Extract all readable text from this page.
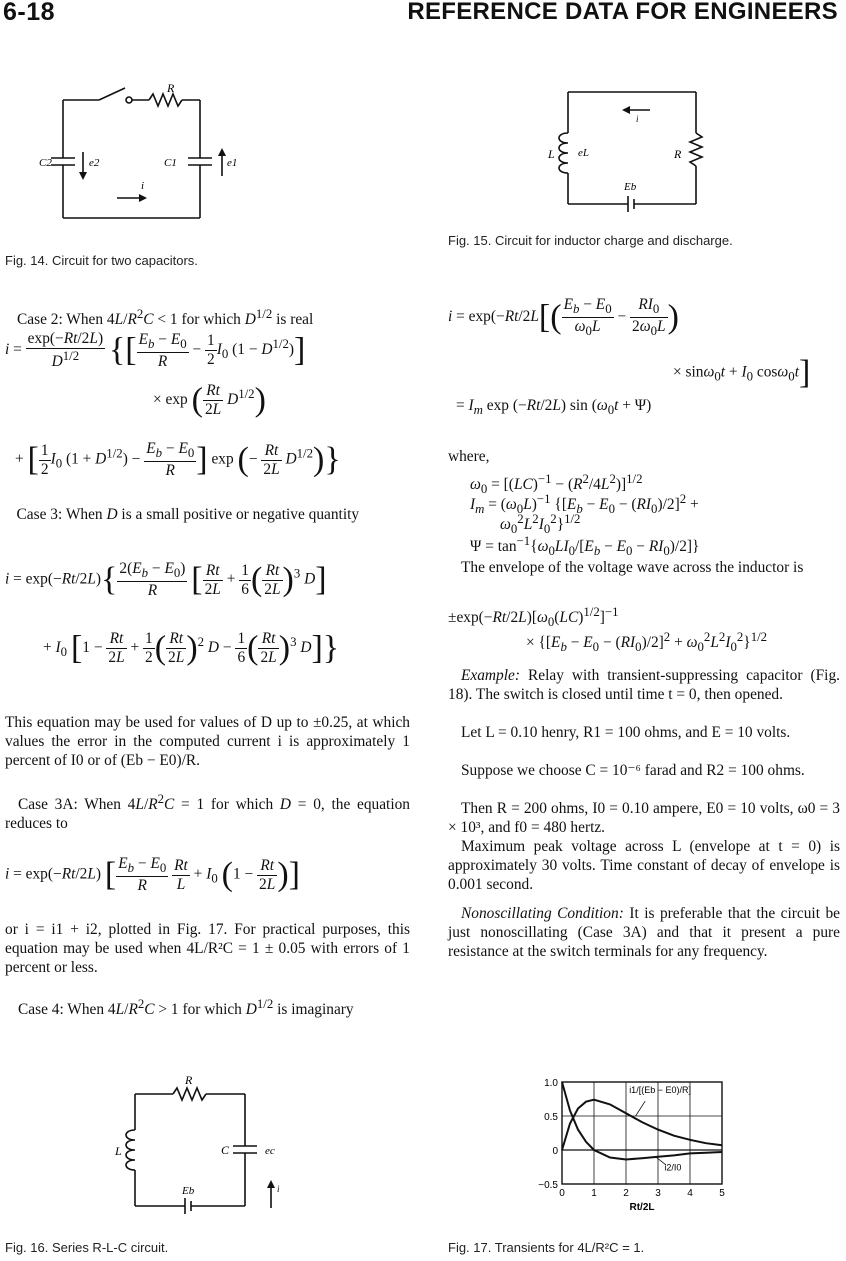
6-18	REFERENCE DATA FOR ENGINEERS
R
C2	e2	C1	e1
i
Fig. 14. Circuit for two capacitors.
Case 2: When $4L/R^2C < 1$ for which $D^{1/2}$ is real
$i = \frac{\exp(-Rt/2L)}{D^{1/2}}$ {[ $\frac{E_b - E_0}{R} - \frac{1}{2} I_0$ $(1 - D^{1/2})$]
× exp ( $\frac{Rt}{2L} D^{1/2}$)
+ [ $\frac{1}{2} I_0$ $(1 + D^{1/2}) - \frac{E_b - E_0}{R}$ ] exp (− $\frac{Rt}{2L} D^{1/2}$)}
Case 3: When D is a small positive or negative quantity
$i = \exp(-Rt/2L)\{ \frac{2(E_b - E_0)}{R}$ [ $\frac{Rt}{2L} + \frac{1}{6}$ ( $\frac{Rt}{2L} )^3$ D]
+ $I_0$ [$1 - \frac{Rt}{2L} + \frac{1}{2}$ ( $\frac{Rt}{2L} )^2$ $D - \frac{1}{6}$ ( $\frac{Rt}{2L} )^3$ D]}

This equation may be used for values of D up to ±0.25, at which values the error in the computed current i is approximately 1 percent of I0 or of (Eb − E0)/R.

Case 3A: When $4L/R^2C = 1$ for which D = 0, the equation reduces to
i = exp(−Rt/2L) [ $\frac{E_b - E_0}{R}$
$\frac{Rt}{L} + I_0$ ($1 - \frac{Rt}{2L}$ )]

or i = i1 + i2, plotted in Fig. 17. For practical purposes, this equation may be used when 4L/R²C = 1 ± 0.05 with errors of 1 percent or less.

Case 4: When $4L/R^2C > 1$ for which $D^{1/2}$ is imaginary
R
L	C	ec
Eb	i
Fig. 16. Series R-L-C circuit.
i
L eL	R
Eb
Fig. 15. Circuit for inductor charge and discharge.
$i = \exp(-Rt/2L[( \frac{E_b - E_0}{\omega_0L} - \frac{RI_0}{2\omega_0L}$ )
× $\sin\omega_0t + I_0$ cosω$_0$t]
= $I_m$ exp (−Rt/2L) $\sin (\omega_0t + \Psi)$
where,
$\omega_0 = [(LC)^{-1} - (R^2/4L^2)]^{1/2}$
$I_m = (\omega_0L)^{-1}$ {$[E_b - E_0 - (RI_0)/2]^2$ +
$\omega_0^2L^2I_0^2\}^{1/2}$
$\Psi = \tan^{-1}\{\omega_0LI_0/[E_b - E_0 - RI_0)/2]$}

The envelope of the voltage wave across the inductor is

$\pm\exp(-Rt/2L)[\omega_0(LC)^{1/2}]^{-1}$
× $\{[E_b - E_0 - (RI_0)/2]^2 + \omega_0^2L^2I_0^2\}^{1/2}$

Example: Relay with transient-suppressing capacitor (Fig. 18). The switch is closed until time t = 0, then opened.

Let L = 0.10 henry, R1 = 100 ohms, and E = 10 volts.

Suppose we choose C = 10⁻⁶ farad and R2 = 100 ohms.

Then R = 200 ohms, I0 = 0.10 ampere, E0 = 10 volts, ω0 = 3 × 10³, and f0 = 480 hertz.

Maximum peak voltage across L (envelope at t = 0) is approximately 30 volts. Time constant of decay of envelope is 0.001 second.

Nonoscillating Condition: It is preferable that the circuit be just nonoscillating (Case 3A) and that it present a pure resistance at the switch terminals for any frequency.

0	1	2	3	4	5
1.0
0.5
0
−0.5
Rt/2L
i1/[(Eb − E0)/R]
i2/I0
Fig. 17. Transients for 4L/R²C = 1.
